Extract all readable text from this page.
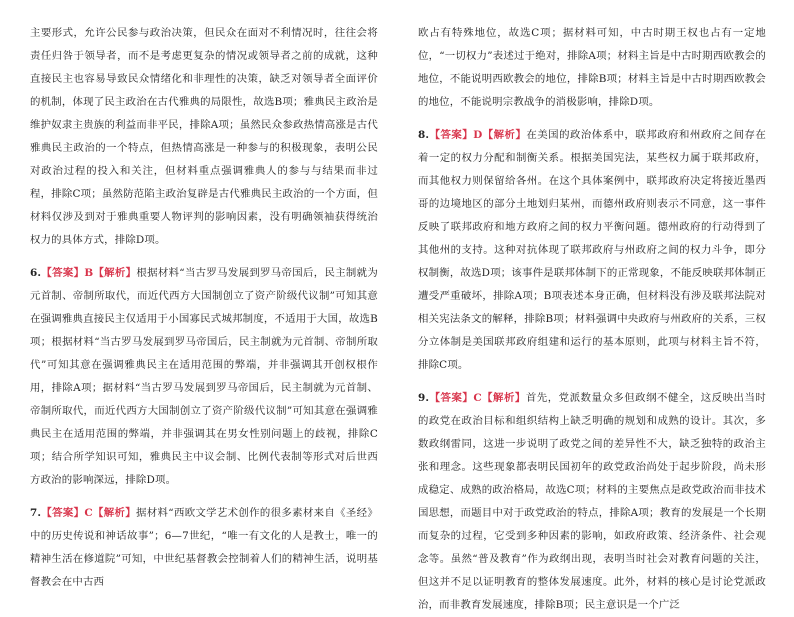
主要形式，允许公民参与政治决策，但民众在面对不利情况时，往往会将责任归咎于领导者，而不是考虑更复杂的情况或领导者之前的成就，这种直接民主也容易导致民众情绪化和非理性的决策，缺乏对领导者全面评价的机制，体现了民主政治在古代雅典的局限性，故选B项；雅典民主政治是维护奴隶主贵族的利益而非平民，排除A项；虽然民众参政热情高涨是古代雅典民主政治的一个特点，但热情高涨是一种参与的积极现象，表明公民对政治过程的投入和关注，但材料重点强调雅典人的参与与结果而非过程，排除C项；虽然防范陷主政治复辟是古代雅典民主政治的一个方面，但材料仅涉及到对于雅典重要人物评判的影响因素，没有明确领袖获得统治权力的具体方式，排除D项。

6.【答案】B【解析】根据材料“当古罗马发展到罗马帝国后，民主制就为元首制、帝制所取代，而近代西方大国制创立了资产阶级代议制”可知其意在强调雅典直接民主仅适用于小国寡民式城邦制度，不适用于大国，故选B项；根据材料“当古罗马发展到罗马帝国后，民主制就为元首制、帝制所取代”可知其意在强调雅典民主在适用范围的弊端，并非强调其开创权根作用，排除A项；据材料“当古罗马发展到罗马帝国后，民主制就为元首制、帝制所取代，而近代西方大国制创立了资产阶级代议制”可知其意在强调雅典民主在适用范围的弊端，并非强调其在男女性别问题上的歧视，排除C项；结合所学知识可知，雅典民主中议会制、比例代表制等形式对后世西方政治的影响深远，排除D项。

7.【答案】C【解析】据材料“西欧文学艺术创作的很多素材来自《圣经》中的历史传说和神话故事”；6—7世纪，“唯一有文化的人是教士，唯一的精神生活在修道院”可知，中世纪基督教会控制着人们的精神生活，说明基督教会在中古西

欧占有特殊地位，故选C项；据材料可知，中古时期王权也占有一定地位，“一切权力”表述过于绝对，排除A项；材料主旨是中古时期西欧教会的地位，不能说明西欧教会的地位，排除B项；材料主旨是中古时期西欧教会的地位，不能说明宗教战争的消极影响，排除D项。

8.【答案】D【解析】在美国的政治体系中，联邦政府和州政府之间存在着一定的权力分配和制衡关系。根据美国宪法，某些权力属于联邦政府，而其他权力则保留给各州。在这个具体案例中，联邦政府决定将接近墨西哥的边境地区的部分土地划归某州，而德州政府则表示不同意，这一事件反映了联邦政府和地方政府之间的权力平衡问题。德州政府的行动得到了其他州的支持。这种对抗体现了联邦政府与州政府之间的权力斗争，即分权制衡，故选D项；该事件是联邦体制下的正常现象，不能反映联邦体制正遭受严重破坏，排除A项；B项表述本身正确，但材料没有涉及联邦法院对相关宪法条文的解释，排除B项；材料强调中央政府与州政府的关系，三权分立体制是美国联邦政府组建和运行的基本原则，此项与材料主旨不符，排除C项。

9.【答案】C【解析】首先，党派数量众多但政纲不健全，这反映出当时的政党在政治目标和组织结构上缺乏明确的规划和成熟的设计。其次，多数政纲雷同，这进一步说明了政党之间的差异性不大，缺乏独特的政治主张和理念。这些现象都表明民国初年的政党政治尚处于起步阶段，尚未形成稳定、成熟的政治格局，故选C项；材料的主要焦点是政党政治而非技术国思想，而题目中对于政党政治的特点，排除A项；教育的发展是一个长期而复杂的过程，它受到多种因素的影响，如政府政策、经济条件、社会观念等。虽然“普及教育”作为政纲出现，表明当时社会对教育问题的关注，但这并不足以证明教育的整体发展速度。此外，材料的核心是讨论党派政治，而非教育发展速度，排除B项；民主意识是一个广泛
